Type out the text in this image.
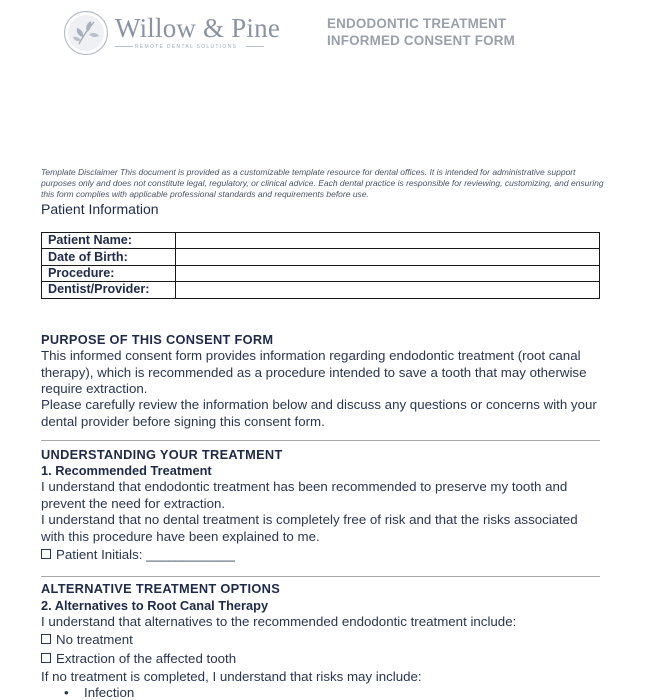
Willow & Pine
REMOTE DENTAL SOLUTIONS
ENDODONTIC TREATMENT
INFORMED CONSENT FORM
Template Disclaimer This document is provided as a customizable template resource for dental offices. It is intended for administrative support purposes only and does not constitute legal, regulatory, or clinical advice. Each dental practice is responsible for reviewing, customizing, and ensuring this form complies with applicable professional standards and requirements before use.
Patient Information
Patient Name:	
Date of Birth:	
Procedure:	
Dentist/Provider:	
PURPOSE OF THIS CONSENT FORM
This informed consent form provides information regarding endodontic treatment (root canal therapy), which is recommended as a procedure intended to save a tooth that may otherwise require extraction.
Please carefully review the information below and discuss any questions or concerns with your dental provider before signing this consent form.
UNDERSTANDING YOUR TREATMENT
1. Recommended Treatment
I understand that endodontic treatment has been recommended to preserve my tooth and prevent the need for extraction.
I understand that no dental treatment is completely free of risk and that the risks associated with this procedure have been explained to me.
Patient Initials: ____________
ALTERNATIVE TREATMENT OPTIONS
2. Alternatives to Root Canal Therapy
I understand that alternatives to the recommended endodontic treatment include:
No treatment
Extraction of the affected tooth
If no treatment is completed, I understand that risks may include:
• Infection
